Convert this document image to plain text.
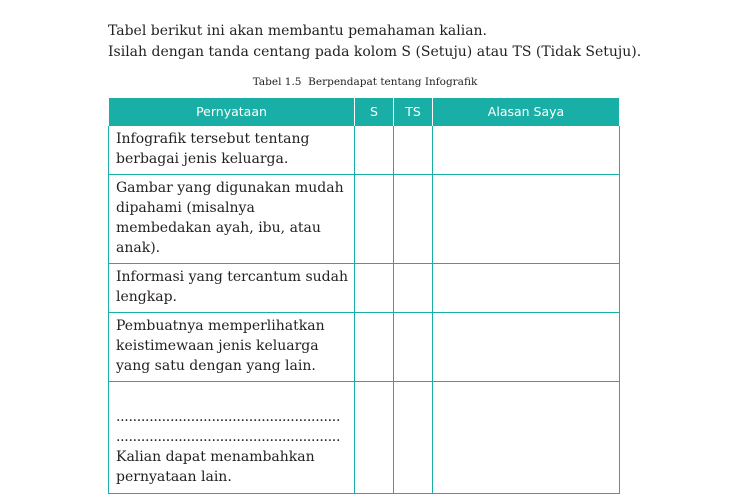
Tabel berikut ini akan membantu pemahaman kalian.
Isilah dengan tanda centang pada kolom S (Setuju) atau TS (Tidak Setuju).
Tabel 1.5 Berpendapat tentang Infografik
Pernyataan	S	TS	Alasan Saya
Infografik tersebut tentang berbagai jenis keluarga.			
Gambar yang digunakan mudah dipahami (misalnya membedakan ayah, ibu, atau anak).			
Informasi yang tercantum sudah lengkap.			
Pembuatnya memperlihatkan keistimewaan jenis keluarga yang satu dengan yang lain.			

......................................................
......................................................
Kalian dapat menambahkan pernyataan lain.			
